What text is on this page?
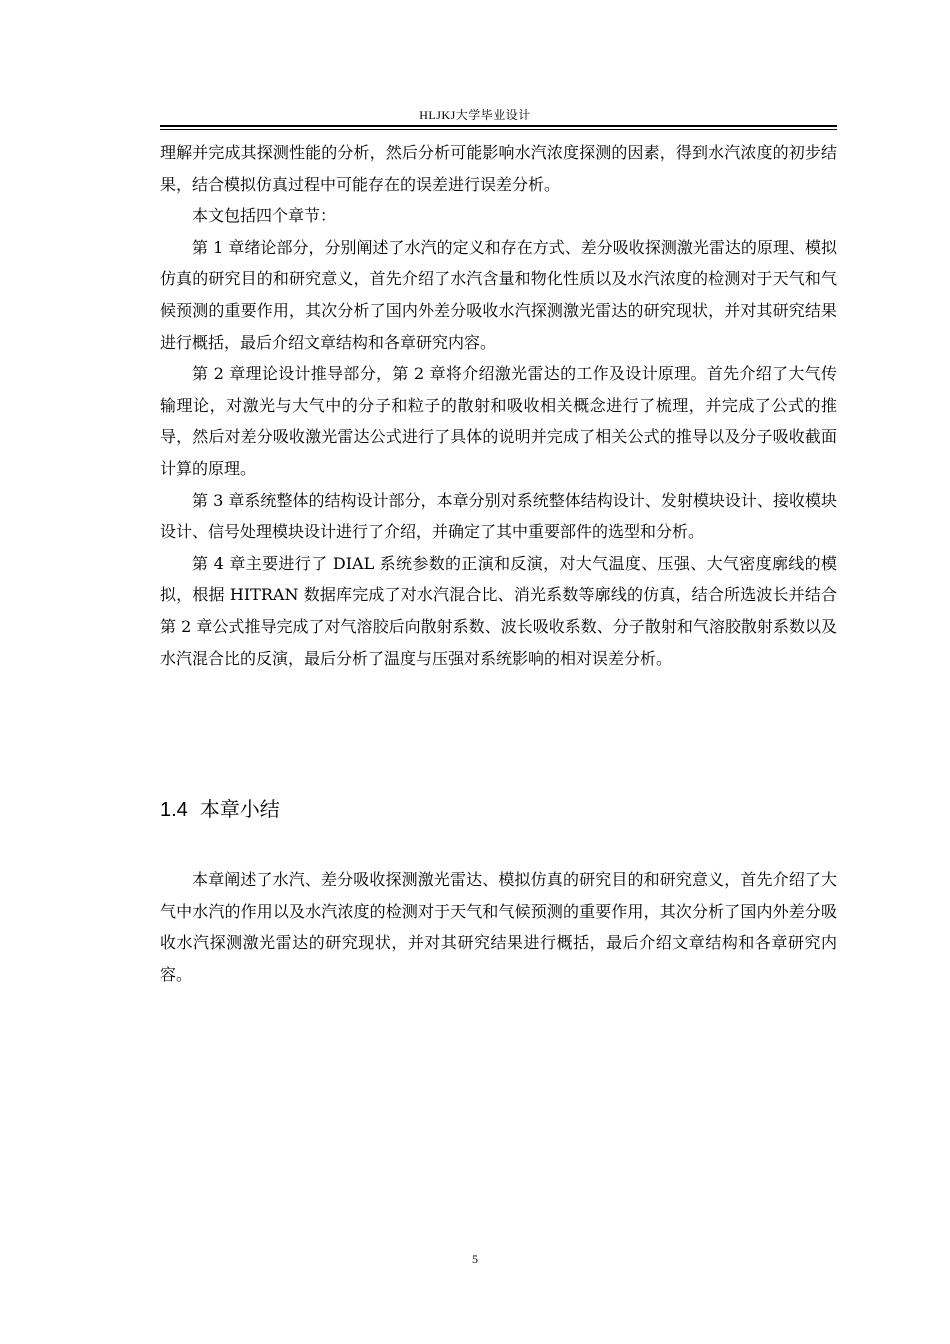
HLJKJ大学毕业设计

理解并完成其探测性能的分析，然后分析可能影响水汽浓度探测的因素，得到水汽浓度的初步结果，结合模拟仿真过程中可能存在的误差进行误差分析。

本文包括四个章节：

第 1 章绪论部分，分别阐述了水汽的定义和存在方式、差分吸收探测激光雷达的原理、模拟仿真的研究目的和研究意义，首先介绍了水汽含量和物化性质以及水汽浓度的检测对于天气和气候预测的重要作用，其次分析了国内外差分吸收水汽探测激光雷达的研究现状，并对其研究结果进行概括，最后介绍文章结构和各章研究内容。

第 2 章理论设计推导部分，第 2 章将介绍激光雷达的工作及设计原理。首先介绍了大气传输理论，对激光与大气中的分子和粒子的散射和吸收相关概念进行了梳理，并完成了公式的推导，然后对差分吸收激光雷达公式进行了具体的说明并完成了相关公式的推导以及分子吸收截面计算的原理。

第 3 章系统整体的结构设计部分，本章分别对系统整体结构设计、发射模块设计、接收模块设计、信号处理模块设计进行了介绍，并确定了其中重要部件的选型和分析。

第 4 章主要进行了 DIAL 系统参数的正演和反演，对大气温度、压强、大气密度廓线的模拟，根据 HITRAN 数据库完成了对水汽混合比、消光系数等廓线的仿真，结合所选波长并结合第 2 章公式推导完成了对气溶胶后向散射系数、波长吸收系数、分子散射和气溶胶散射系数以及水汽混合比的反演，最后分析了温度与压强对系统影响的相对误差分析。

1.4 本章小结

本章阐述了水汽、差分吸收探测激光雷达、模拟仿真的研究目的和研究意义，首先介绍了大气中水汽的作用以及水汽浓度的检测对于天气和气候预测的重要作用，其次分析了国内外差分吸收水汽探测激光雷达的研究现状，并对其研究结果进行概括，最后介绍文章结构和各章研究内容。

5
